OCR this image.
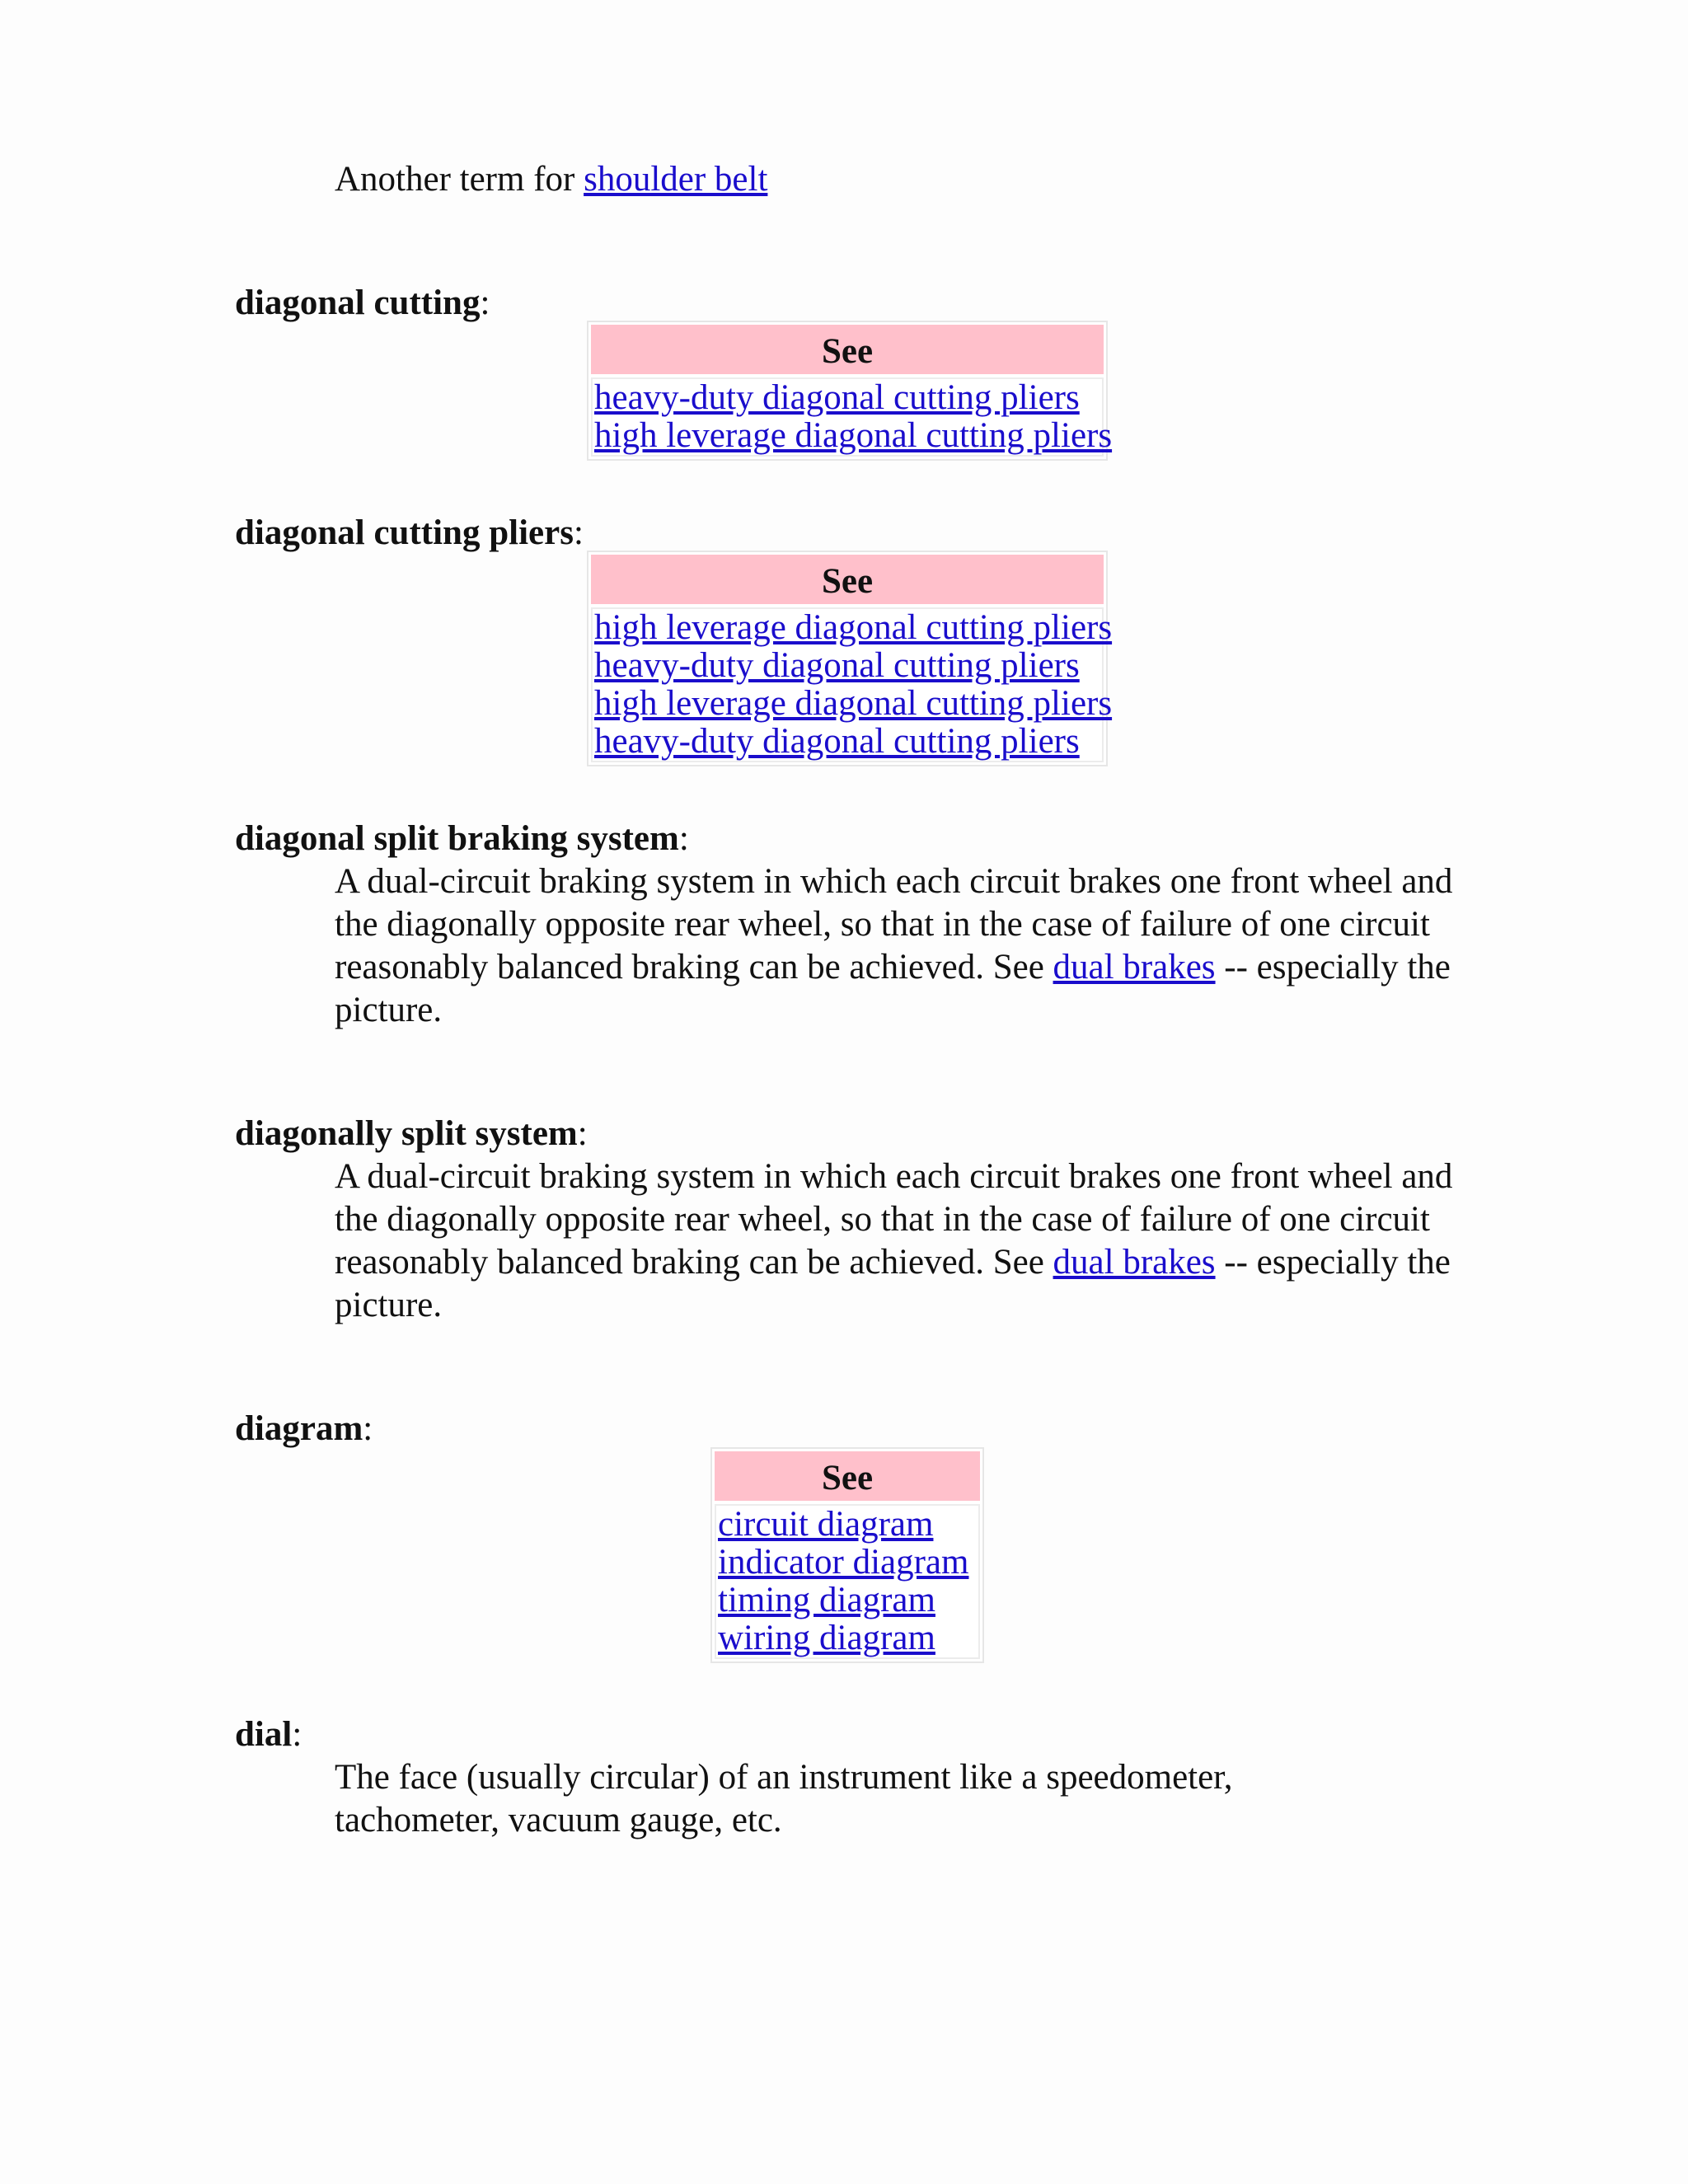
Another term for shoulder belt
diagonal cutting:
See
heavy-duty diagonal cutting pliers
high leverage diagonal cutting pliers
diagonal cutting pliers:
See
high leverage diagonal cutting pliers
heavy-duty diagonal cutting pliers
high leverage diagonal cutting pliers
heavy-duty diagonal cutting pliers
diagonal split braking system:
A dual-circuit braking system in which each circuit brakes one front wheel and the diagonally opposite rear wheel, so that in the case of failure of one circuit reasonably balanced braking can be achieved. See dual brakes -- especially the picture.
diagonally split system:
A dual-circuit braking system in which each circuit brakes one front wheel and the diagonally opposite rear wheel, so that in the case of failure of one circuit reasonably balanced braking can be achieved. See dual brakes -- especially the picture.
diagram:
See
circuit diagram
indicator diagram
timing diagram
wiring diagram
dial:
The face (usually circular) of an instrument like a speedometer, tachometer, vacuum gauge, etc.
